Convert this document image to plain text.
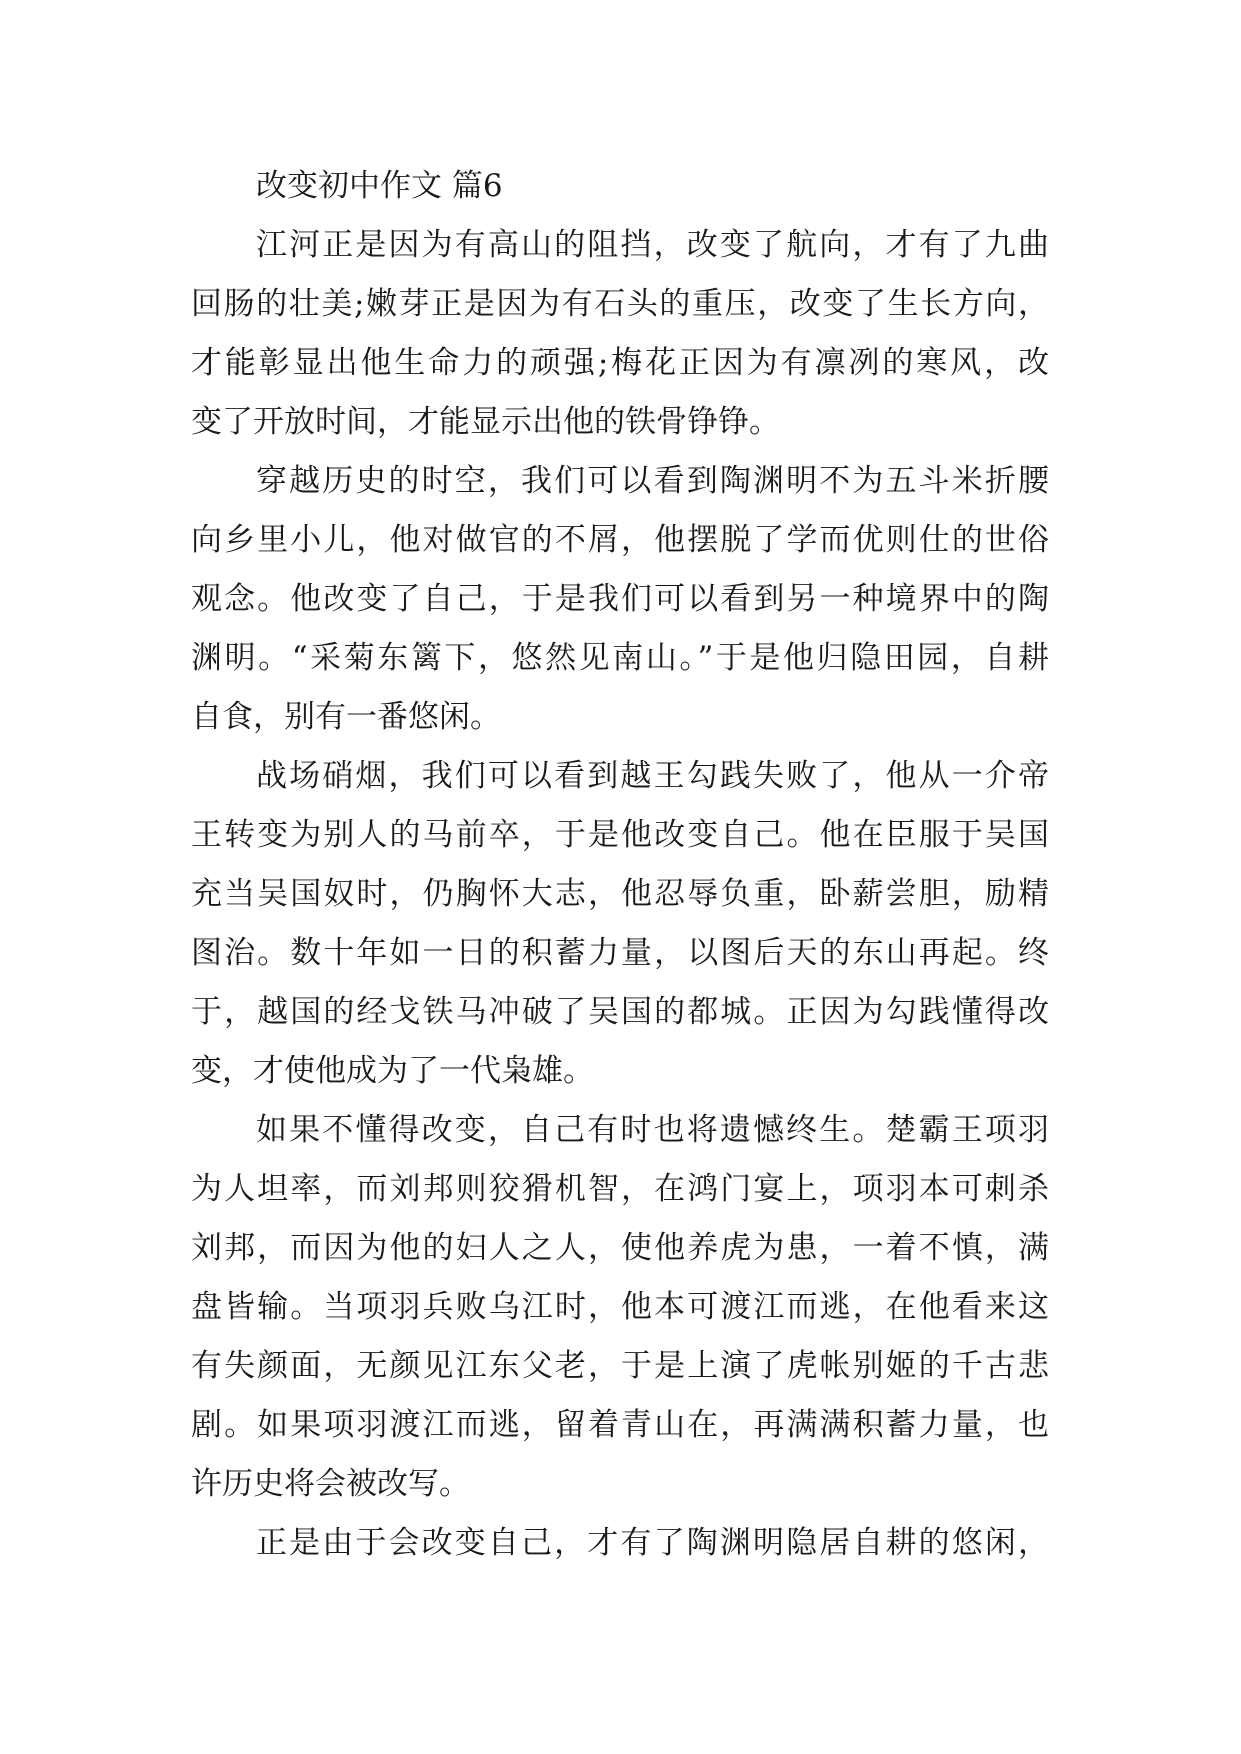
改变初中作文 篇6

江河正是因为有高山的阻挡，改变了航向，才有了九曲

回肠的壮美;嫩芽正是因为有石头的重压，改变了生长方向，

才能彰显出他生命力的顽强;梅花正因为有凛冽的寒风，改

变了开放时间，才能显示出他的铁骨铮铮。

穿越历史的时空，我们可以看到陶渊明不为五斗米折腰

向乡里小儿，他对做官的不屑，他摆脱了学而优则仕的世俗

观念。他改变了自己，于是我们可以看到另一种境界中的陶

渊明。“采菊东篱下，悠然见南山。”于是他归隐田园，自耕

自食，别有一番悠闲。

战场硝烟，我们可以看到越王勾践失败了，他从一介帝

王转变为别人的马前卒，于是他改变自己。他在臣服于吴国

充当吴国奴时，仍胸怀大志，他忍辱负重，卧薪尝胆，励精

图治。数十年如一日的积蓄力量，以图后天的东山再起。终

于，越国的经戈铁马冲破了吴国的都城。正因为勾践懂得改

变，才使他成为了一代枭雄。

如果不懂得改变，自己有时也将遗憾终生。楚霸王项羽

为人坦率，而刘邦则狡猾机智，在鸿门宴上，项羽本可刺杀

刘邦，而因为他的妇人之人，使他养虎为患，一着不慎，满

盘皆输。当项羽兵败乌江时，他本可渡江而逃，在他看来这

有失颜面，无颜见江东父老，于是上演了虎帐别姬的千古悲

剧。如果项羽渡江而逃，留着青山在，再满满积蓄力量，也

许历史将会被改写。

正是由于会改变自己，才有了陶渊明隐居自耕的悠闲，
